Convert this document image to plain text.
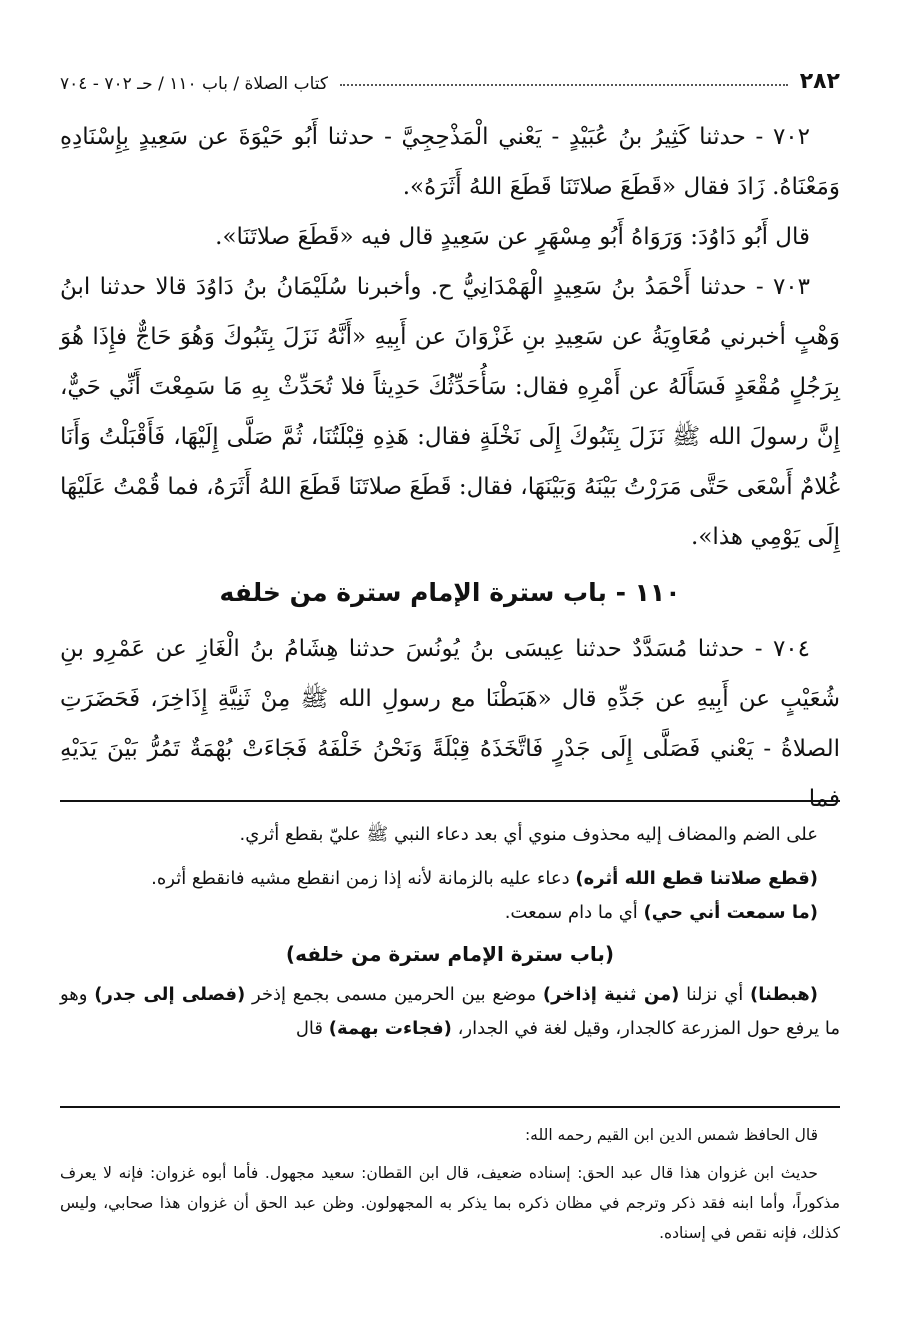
٢٨٢
كتاب الصلاة / باب ١١٠ / حـ ٧٠٢ - ٧٠٤

٧٠٢ - حدثنا كَثِيرُ بنُ عُبَيْدٍ - يَعْني الْمَذْحِجِيَّ - حدثنا أَبُو حَيْوَةَ عن سَعِيدٍ بِإِسْنَادِهِ وَمَعْنَاهُ. زَادَ فقال «قَطَعَ صلاتَنَا قَطَعَ اللهُ أَثَرَهُ».

قال أَبُو دَاوُدَ: وَرَوَاهُ أَبُو مِسْهَرٍ عن سَعِيدٍ قال فيه «قَطَعَ صلاتَنَا».

٧٠٣ - حدثنا أَحْمَدُ بنُ سَعِيدٍ الْهَمْدَانِيُّ ح. وأخبرنا سُلَيْمَانُ بنُ دَاوُدَ قالا حدثنا ابنُ وَهْبٍ أخبرني مُعَاوِيَةُ عن سَعِيدِ بنِ غَزْوَانَ عن أَبِيهِ «أَنَّهُ نَزَلَ بِتَبُوكَ وَهُوَ حَاجٌّ فإِذَا هُوَ بِرَجُلٍ مُقْعَدٍ فَسَأَلَهُ عن أَمْرِهِ فقال: سَأُحَدِّثُكَ حَدِيثاً فلا تُحَدِّثْ بِهِ مَا سَمِعْتَ أَنِّي حَيٌّ، إِنَّ رسولَ الله ﷺ نَزَلَ بِتَبُوكَ إِلَى نَخْلَةٍ فقال: هَذِهِ قِبْلَتُنَا، ثُمَّ صَلَّى إِلَيْهَا، فَأَقْبَلْتُ وَأَنَا غُلامٌ أَسْعَى حَتَّى مَرَرْتُ بَيْنَهُ وَبَيْنَهَا، فقال: قَطَعَ صلاتَنَا قَطَعَ اللهُ أَثَرَهُ، فما قُمْتُ عَلَيْهَا إِلَى يَوْمِي هذا».

١١٠ - باب سترة الإمام سترة من خلفه

٧٠٤ - حدثنا مُسَدَّدٌ حدثنا عِيسَى بنُ يُونُسَ حدثنا هِشَامُ بنُ الْغَازِ عن عَمْرِو بنِ شُعَيْبٍ عن أَبِيهِ عن جَدِّهِ قال «هَبَطْنَا مع رسولِ الله ﷺ مِنْ ثَنِيَّةِ إِذَاخِرَ، فَحَضَرَتِ الصلاةُ - يَعْني فَصَلَّى إِلَى جَدْرٍ فَاتَّخَذَهُ قِبْلَةً وَنَحْنُ خَلْفَهُ فَجَاءَتْ بُهْمَةٌ تَمُرُّ بَيْنَ يَدَيْهِ فما

على الضم والمضاف إليه محذوف منوي أي بعد دعاء النبي ﷺ عليّ بقطع أثري.

(قطع صلاتنا قطع الله أثره) دعاء عليه بالزمانة لأنه إذا زمن انقطع مشيه فانقطع أثره.

(ما سمعت أني حي) أي ما دام سمعت.

(باب سترة الإمام سترة من خلفه)

(هبطنا) أي نزلنا (من ثنية إذاخر) موضع بين الحرمين مسمى بجمع إذخر (فصلى إلى جدر) وهو ما يرفع حول المزرعة كالجدار، وقيل لغة في الجدار، (فجاءت بهمة) قال

قال الحافظ شمس الدين ابن القيم رحمه الله:

حديث ابن غزوان هذا قال عبد الحق: إسناده ضعيف، قال ابن القطان: سعيد مجهول. فأما أبوه غزوان: فإنه لا يعرف مذكوراً، وأما ابنه فقد ذكر وترجم في مظان ذكره بما يذكر به المجهولون. وظن عبد الحق أن غزوان هذا صحابي، وليس كذلك، فإنه نقص في إسناده.
